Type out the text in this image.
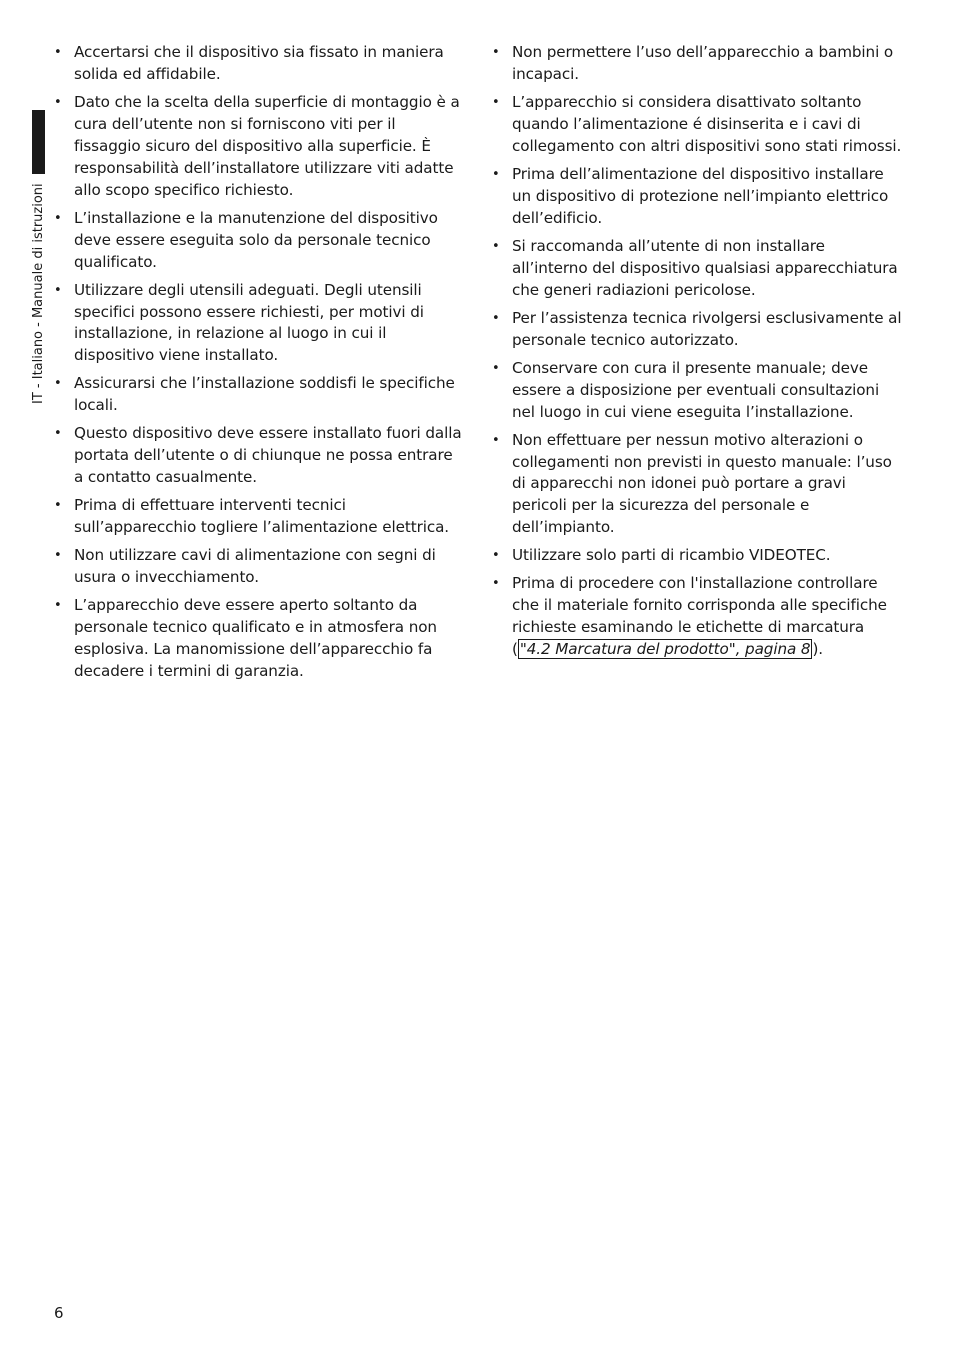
IT - Italiano - Manuale di istruzioni
• Accertarsi che il dispositivo sia fissato in maniera solida ed affidabile.
• Dato che la scelta della superficie di montaggio è a cura dell’utente non si forniscono viti per il fissaggio sicuro del dispositivo alla superficie. È responsabilità dell’installatore utilizzare viti adatte allo scopo specifico richiesto.
• L’installazione e la manutenzione del dispositivo deve essere eseguita solo da personale tecnico qualificato.
• Utilizzare degli utensili adeguati. Degli utensili specifici possono essere richiesti, per motivi di installazione, in relazione al luogo in cui il dispositivo viene installato.
• Assicurarsi che l’installazione soddisfi le specifiche locali.
• Questo dispositivo deve essere installato fuori dalla portata dell’utente o di chiunque ne possa entrare a contatto casualmente.
• Prima di effettuare interventi tecnici sull’apparecchio togliere l’alimentazione elettrica.
• Non utilizzare cavi di alimentazione con segni di usura o invecchiamento.
• L’apparecchio deve essere aperto soltanto da personale tecnico qualificato e in atmosfera non esplosiva. La manomissione dell’apparecchio fa decadere i termini di garanzia.
• Non permettere l’uso dell’apparecchio a bambini o incapaci.
• L’apparecchio si considera disattivato soltanto quando l’alimentazione é disinserita e i cavi di collegamento con altri dispositivi sono stati rimossi.
• Prima dell’alimentazione del dispositivo installare un dispositivo di protezione nell’impianto elettrico dell’edificio.
• Si raccomanda all’utente di non installare all’interno del dispositivo qualsiasi apparecchiatura che generi radiazioni pericolose.
• Per l’assistenza tecnica rivolgersi esclusivamente al personale tecnico autorizzato.
• Conservare con cura il presente manuale; deve essere a disposizione per eventuali consultazioni nel luogo in cui viene eseguita l’installazione.
• Non effettuare per nessun motivo alterazioni o collegamenti non previsti in questo manuale: l’uso di apparecchi non idonei può portare a gravi pericoli per la sicurezza del personale e dell’impianto.
• Utilizzare solo parti di ricambio VIDEOTEC.
• Prima di procedere con l'installazione controllare che il materiale fornito corrisponda alle specifiche richieste esaminando le etichette di marcatura ( "4.2 Marcatura del prodotto", pagina 8 ).
6
